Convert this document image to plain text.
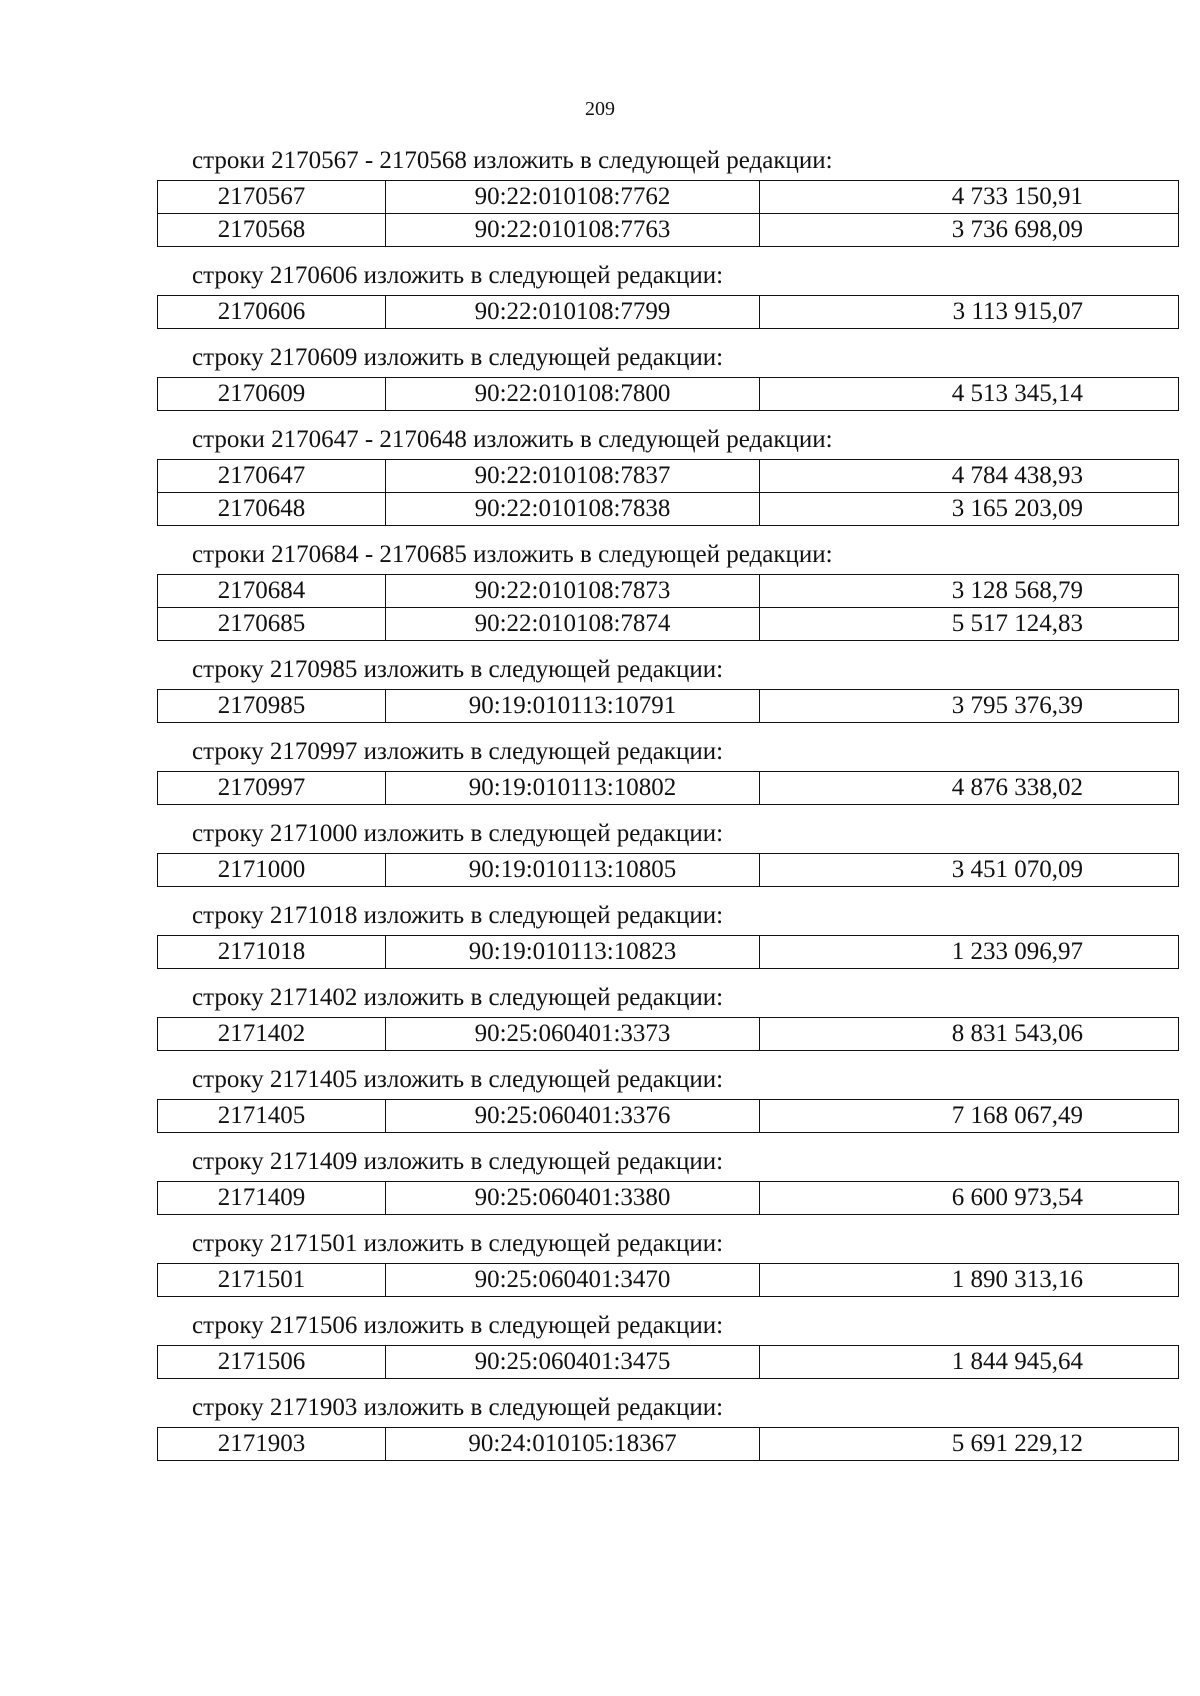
209
строки 2170567 - 2170568 изложить в следующей редакции:
2170567	90:22:010108:7762	4 733 150,91
2170568	90:22:010108:7763	3 736 698,09
строку 2170606 изложить в следующей редакции:
2170606	90:22:010108:7799	3 113 915,07
строку 2170609 изложить в следующей редакции:
2170609	90:22:010108:7800	4 513 345,14
строки 2170647 - 2170648 изложить в следующей редакции:
2170647	90:22:010108:7837	4 784 438,93
2170648	90:22:010108:7838	3 165 203,09
строки 2170684 - 2170685 изложить в следующей редакции:
2170684	90:22:010108:7873	3 128 568,79
2170685	90:22:010108:7874	5 517 124,83
строку 2170985 изложить в следующей редакции:
2170985	90:19:010113:10791	3 795 376,39
строку 2170997 изложить в следующей редакции:
2170997	90:19:010113:10802	4 876 338,02
строку 2171000 изложить в следующей редакции:
2171000	90:19:010113:10805	3 451 070,09
строку 2171018 изложить в следующей редакции:
2171018	90:19:010113:10823	1 233 096,97
строку 2171402 изложить в следующей редакции:
2171402	90:25:060401:3373	8 831 543,06
строку 2171405 изложить в следующей редакции:
2171405	90:25:060401:3376	7 168 067,49
строку 2171409 изложить в следующей редакции:
2171409	90:25:060401:3380	6 600 973,54
строку 2171501 изложить в следующей редакции:
2171501	90:25:060401:3470	1 890 313,16
строку 2171506 изложить в следующей редакции:
2171506	90:25:060401:3475	1 844 945,64
строку 2171903 изложить в следующей редакции:
2171903	90:24:010105:18367	5 691 229,12
